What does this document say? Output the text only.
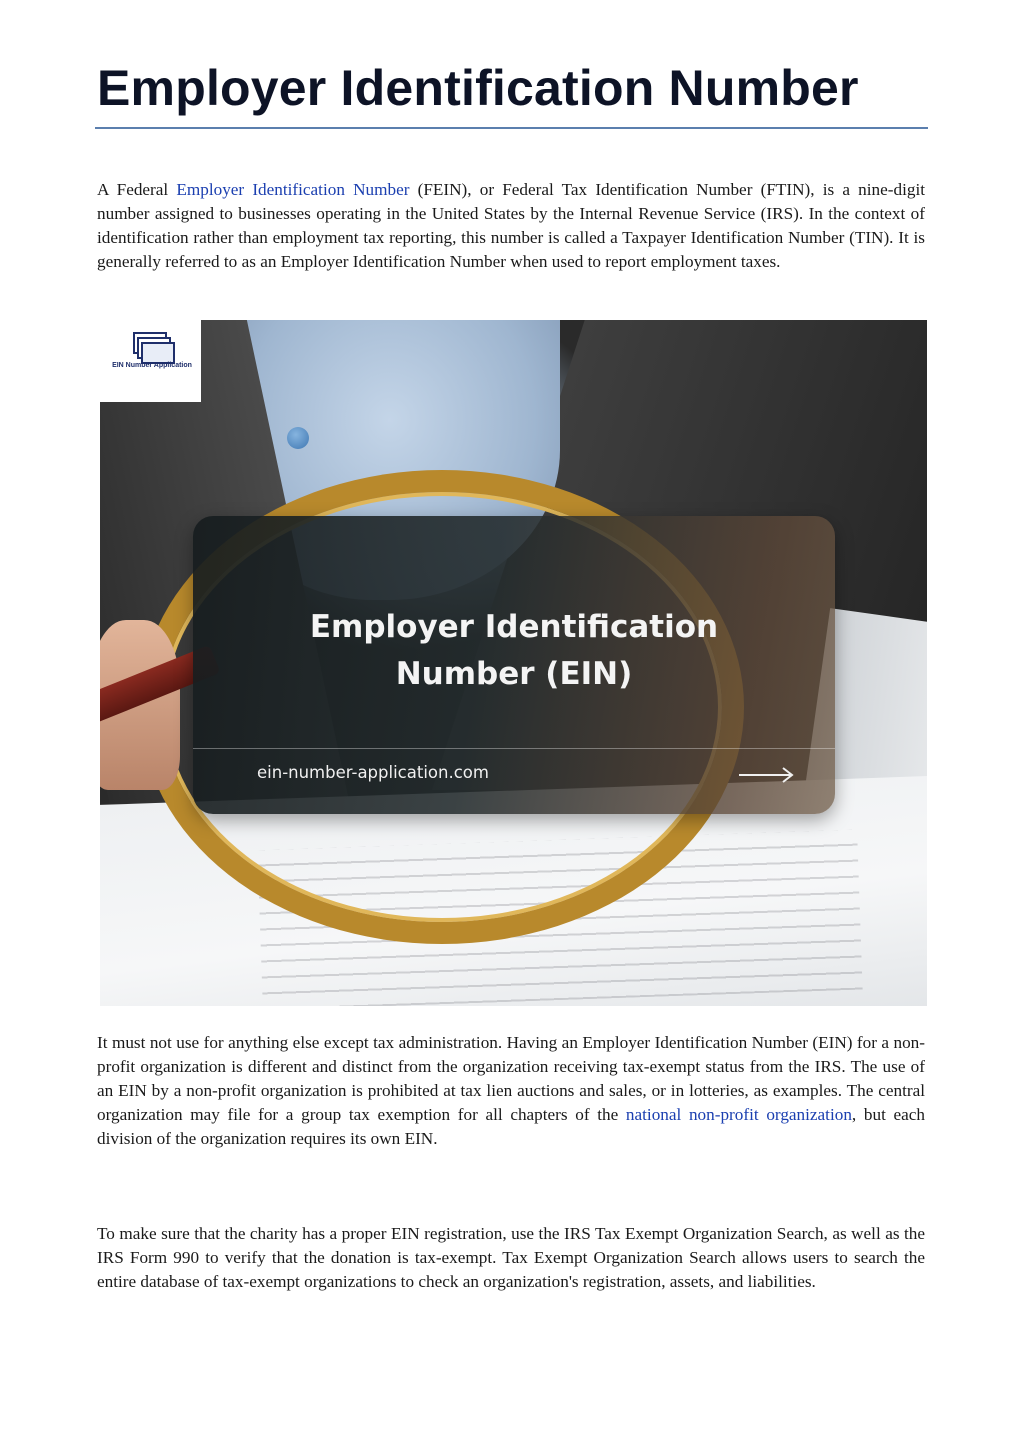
Employer Identification Number

A Federal Employer Identification Number (FEIN), or Federal Tax Identification Number (FTIN), is a nine-digit number assigned to businesses operating in the United States by the Internal Revenue Service (IRS). In the context of identification rather than employment tax reporting, this number is called a Taxpayer Identification Number (TIN). It is generally referred to as an Employer Identification Number when used to report employment taxes.

EIN Number Application

Employer Identification
Number (EIN)

ein-number-application.com

It must not use for anything else except tax administration. Having an Employer Identification Number (EIN) for a non-profit organization is different and distinct from the organization receiving tax-exempt status from the IRS. The use of an EIN by a non-profit organization is prohibited at tax lien auctions and sales, or in lotteries, as examples. The central organization may file for a group tax exemption for all chapters of the national non-profit organization, but each division of the organization requires its own EIN.

To make sure that the charity has a proper EIN registration, use the IRS Tax Exempt Organization Search, as well as the IRS Form 990 to verify that the donation is tax-exempt. Tax Exempt Organization Search allows users to search the entire database of tax-exempt organizations to check an organization's registration, assets, and liabilities.
